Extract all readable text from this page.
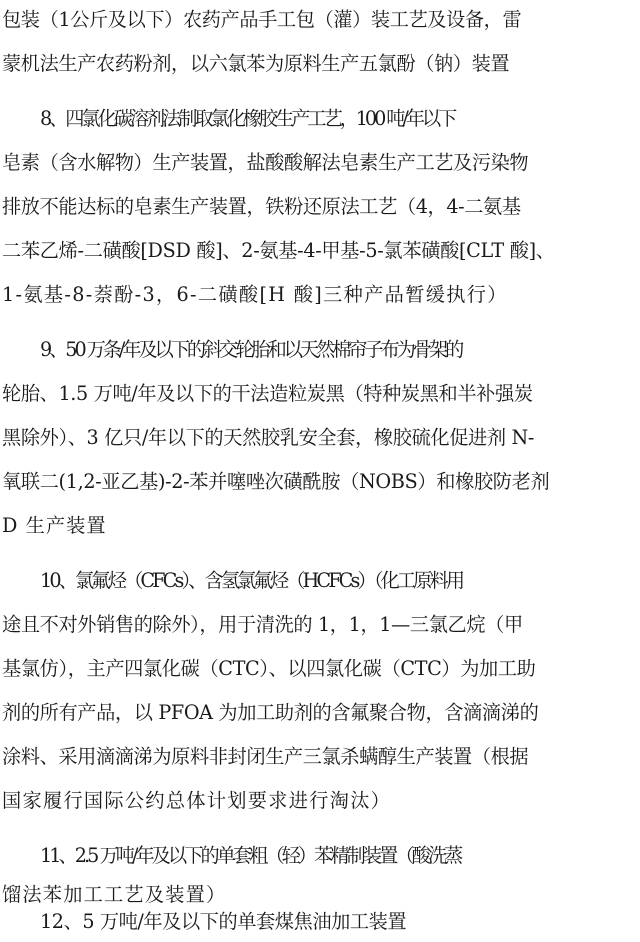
包装（1公斤及以下）农药产品手工包（灌）装工艺及设备，雷
蒙机法生产农药粉剂，以六氯苯为原料生产五氯酚（钠）装置
8、四氯化碳溶剂法制取氯化橡胶生产工艺，100 吨/年以下
皂素（含水解物）生产装置，盐酸酸解法皂素生产工艺及污染物
排放不能达标的皂素生产装置，铁粉还原法工艺（4，4-二氨基
二苯乙烯-二磺酸[DSD 酸]、2-氨基-4-甲基-5-氯苯磺酸[CLT 酸]、
1-氨基-8-萘酚-3，6-二磺酸[H 酸]三种产品暂缓执行）
9、50 万条/年及以下的斜交轮胎和以天然棉帘子布为骨架的
轮胎、1.5 万吨/年及以下的干法造粒炭黑（特种炭黑和半补强炭
黑除外）、3 亿只/年以下的天然胶乳安全套，橡胶硫化促进剂 N-
氧联二(1,2-亚乙基)-2-苯并噻唑次磺酰胺（NOBS）和橡胶防老剂
D 生产装置
10、氯氟烃（CFCs）、含氢氯氟烃（HCFCs）（化工原料用
途且不对外销售的除外），用于清洗的 1，1，1—三氯乙烷（甲
基氯仿），主产四氯化碳（CTC）、以四氯化碳（CTC）为加工助
剂的所有产品，以 PFOA 为加工助剂的含氟聚合物，含滴滴涕的
涂料、采用滴滴涕为原料非封闭生产三氯杀螨醇生产装置（根据
国家履行国际公约总体计划要求进行淘汰）
11、2.5 万吨/年及以下的单套粗（轻）苯精制装置（酸洗蒸
馏法苯加工工艺及装置）
12、5 万吨/年及以下的单套煤焦油加工装置
